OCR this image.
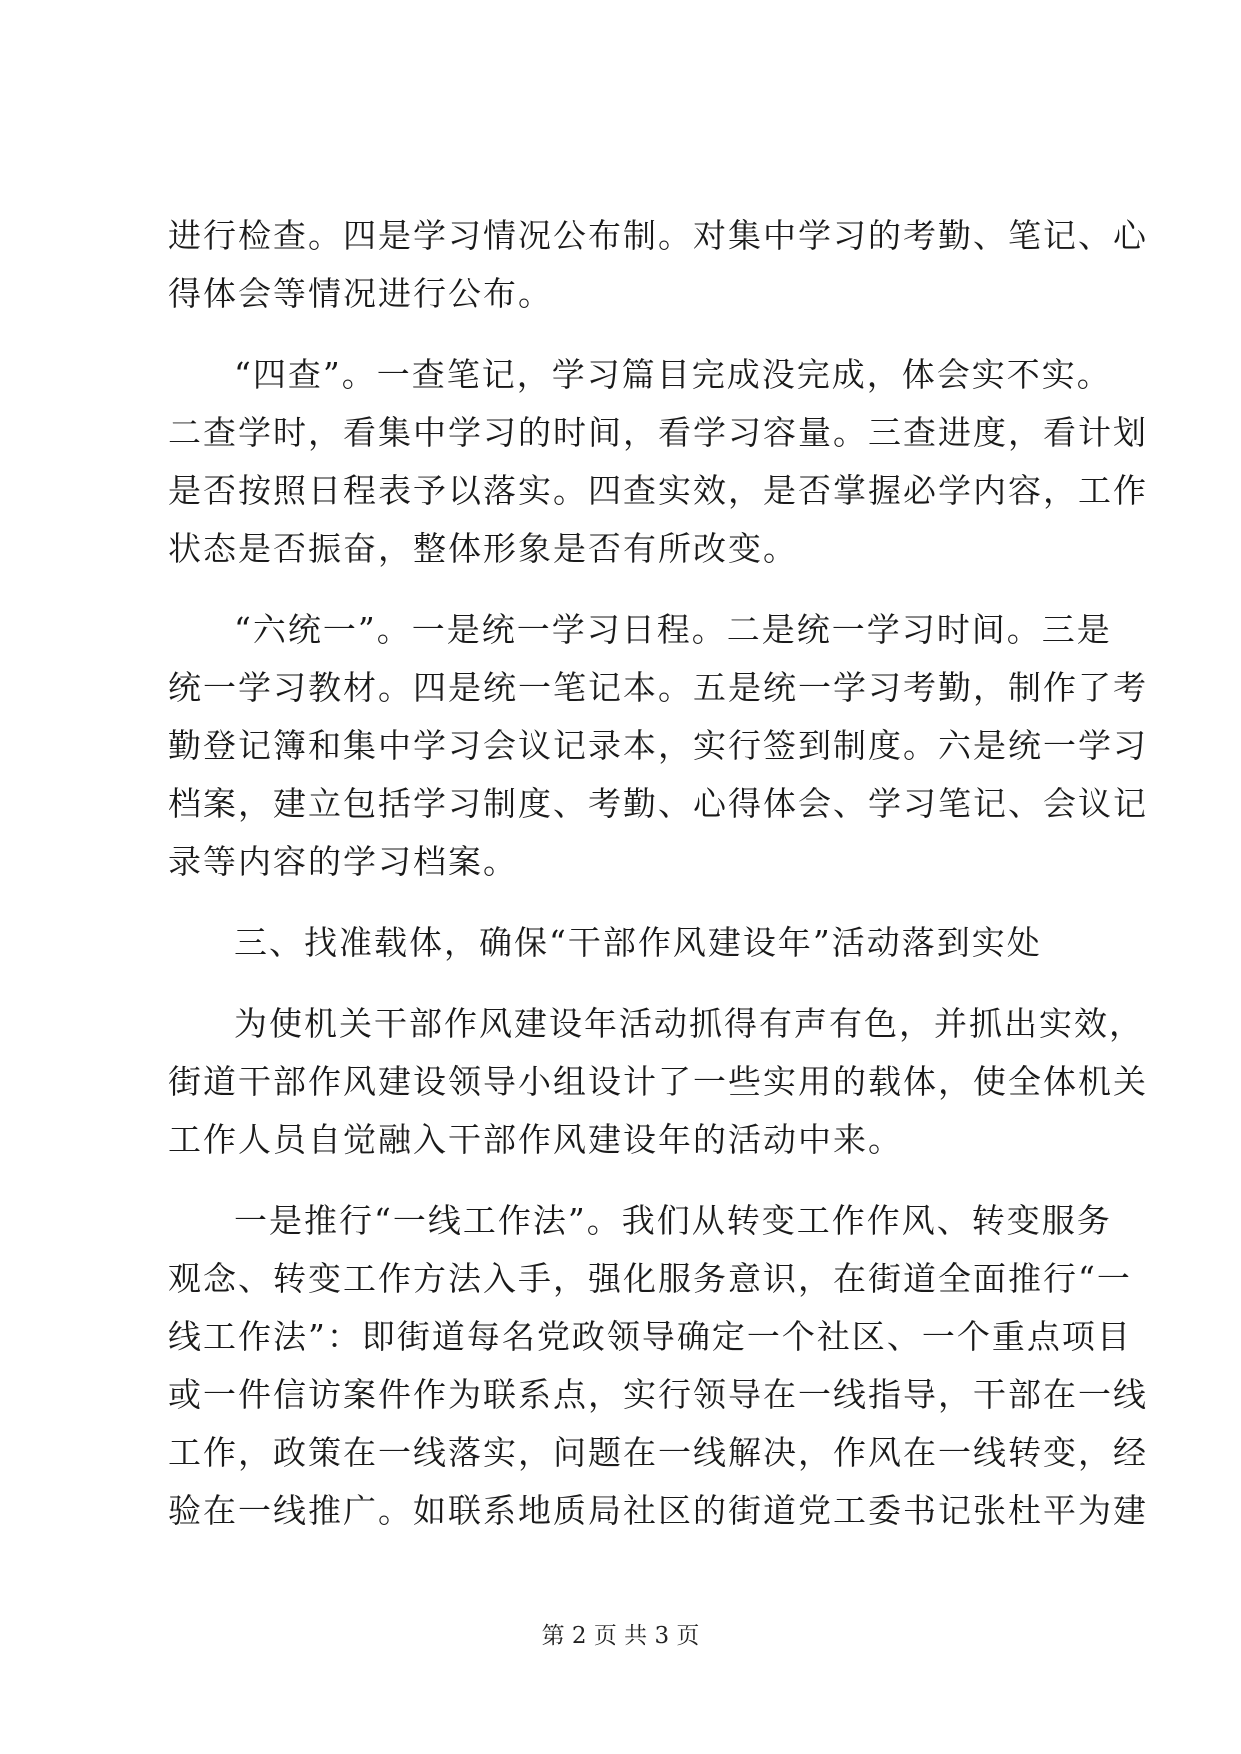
进行检查。四是学习情况公布制。对集中学习的考勤、笔记、心
得体会等情况进行公布。
“四查”。一查笔记，学习篇目完成没完成，体会实不实。
二查学时，看集中学习的时间，看学习容量。三查进度，看计划
是否按照日程表予以落实。四查实效，是否掌握必学内容，工作
状态是否振奋，整体形象是否有所改变。
“六统一”。一是统一学习日程。二是统一学习时间。三是
统一学习教材。四是统一笔记本。五是统一学习考勤，制作了考
勤登记簿和集中学习会议记录本，实行签到制度。六是统一学习
档案，建立包括学习制度、考勤、心得体会、学习笔记、会议记
录等内容的学习档案。
三、找准载体，确保“干部作风建设年”活动落到实处
为使机关干部作风建设年活动抓得有声有色，并抓出实效，
街道干部作风建设领导小组设计了一些实用的载体，使全体机关
工作人员自觉融入干部作风建设年的活动中来。
一是推行“一线工作法”。我们从转变工作作风、转变服务
观念、转变工作方法入手，强化服务意识，在街道全面推行“一
线工作法”：即街道每名党政领导确定一个社区、一个重点项目
或一件信访案件作为联系点，实行领导在一线指导，干部在一线
工作，政策在一线落实，问题在一线解决，作风在一线转变，经
验在一线推广。如联系地质局社区的街道党工委书记张杜平为建
第 2 页 共 3 页
